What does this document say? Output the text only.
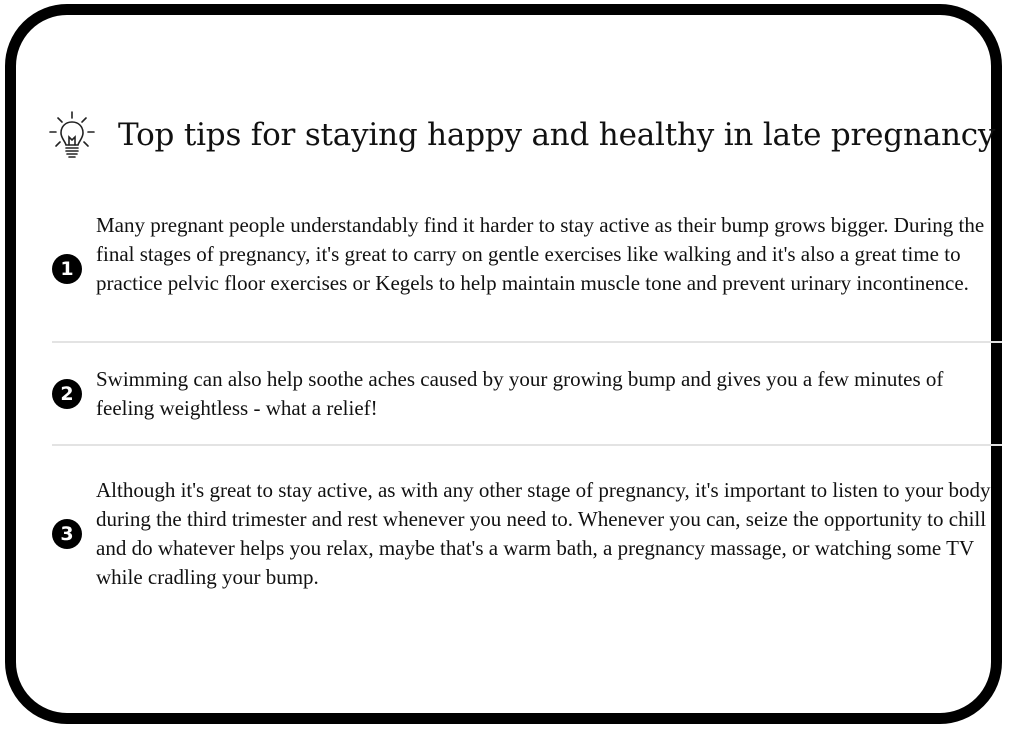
Top tips for staying happy and healthy in late pregnancy
1
Many pregnant people understandably find it harder to stay active as their bump grows bigger. During the final stages of pregnancy, it's great to carry on gentle exercises like walking and it's also a great time to practice pelvic floor exercises or Kegels to help maintain muscle tone and prevent urinary incontinence.
2
Swimming can also help soothe aches caused by your growing bump and gives you a few minutes of feeling weightless - what a relief!
3
Although it's great to stay active, as with any other stage of pregnancy, it's important to listen to your body during the third trimester and rest whenever you need to. Whenever you can, seize the opportunity to chill and do whatever helps you relax, maybe that's a warm bath, a pregnancy massage, or watching some TV while cradling your bump.
